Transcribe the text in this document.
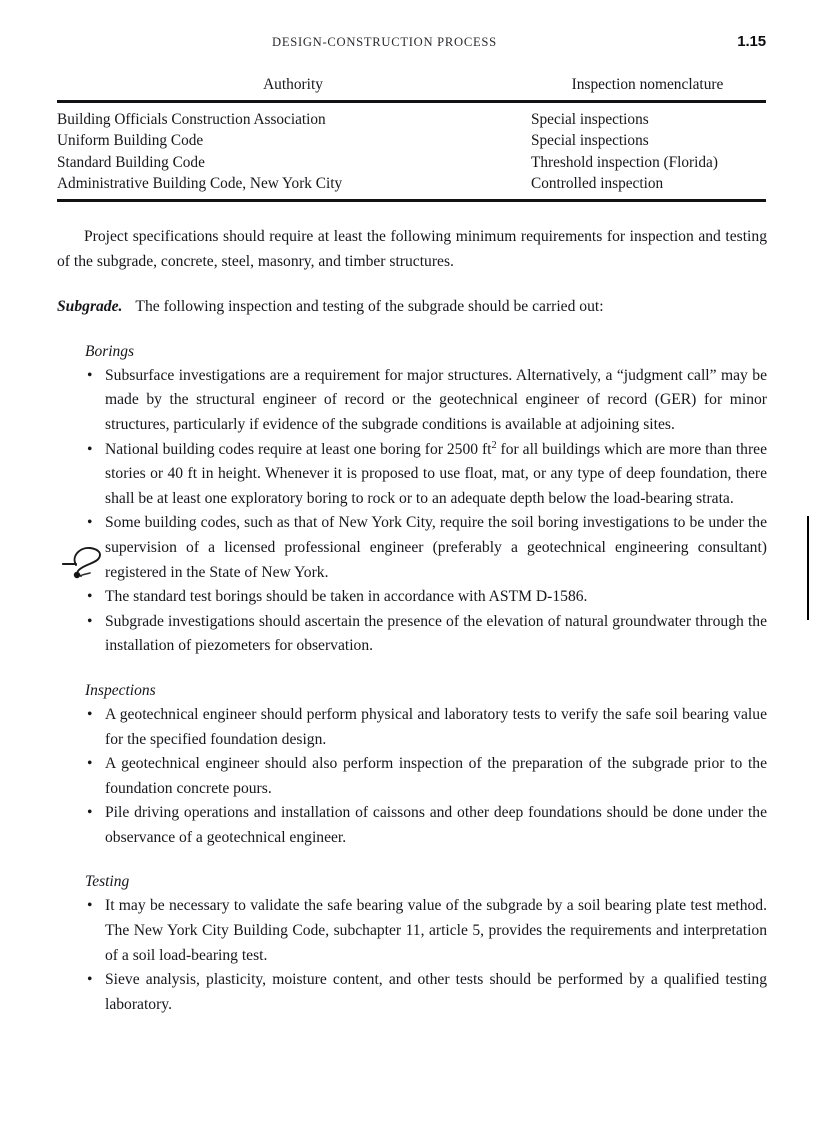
DESIGN-CONSTRUCTION PROCESS	1.15
Authority	Inspection nomenclature

Building Officials Construction Association	Special inspections
Uniform Building Code	Special inspections
Standard Building Code	Threshold inspection (Florida)
Administrative Building Code, New York City	Controlled inspection

Project specifications should require at least the following minimum requirements for inspection and testing of the subgrade, concrete, steel, masonry, and timber structures.

Subgrade. The following inspection and testing of the subgrade should be carried out:

Borings

• Subsurface investigations are a requirement for major structures. Alternatively, a “judgment call” may be made by the structural engineer of record or the geotechnical engineer of record (GER) for minor structures, particularly if evidence of the subgrade conditions is available at adjoining sites.
• National building codes require at least one boring for 2500 $ft^2$ for all buildings which are more than three stories or 40 ft in height. Whenever it is proposed to use float, mat, or any type of deep foundation, there shall be at least one exploratory boring to rock or to an adequate depth below the load-bearing strata.
• Some building codes, such as that of New York City, require the soil boring investigations to be under the supervision of a licensed professional engineer (preferably a geotechnical engineering consultant) registered in the State of New York.
• The standard test borings should be taken in accordance with ASTM D-1586.
• Subgrade investigations should ascertain the presence of the elevation of natural groundwater through the installation of piezometers for observation.

Inspections

• A geotechnical engineer should perform physical and laboratory tests to verify the safe soil bearing value for the specified foundation design.
• A geotechnical engineer should also perform inspection of the preparation of the subgrade prior to the foundation concrete pours.
• Pile driving operations and installation of caissons and other deep foundations should be done under the observance of a geotechnical engineer.

Testing

• It may be necessary to validate the safe bearing value of the subgrade by a soil bearing plate test method. The New York City Building Code, subchapter 11, article 5, provides the requirements and interpretation of a soil load-bearing test.
• Sieve analysis, plasticity, moisture content, and other tests should be performed by a qualified testing laboratory.
